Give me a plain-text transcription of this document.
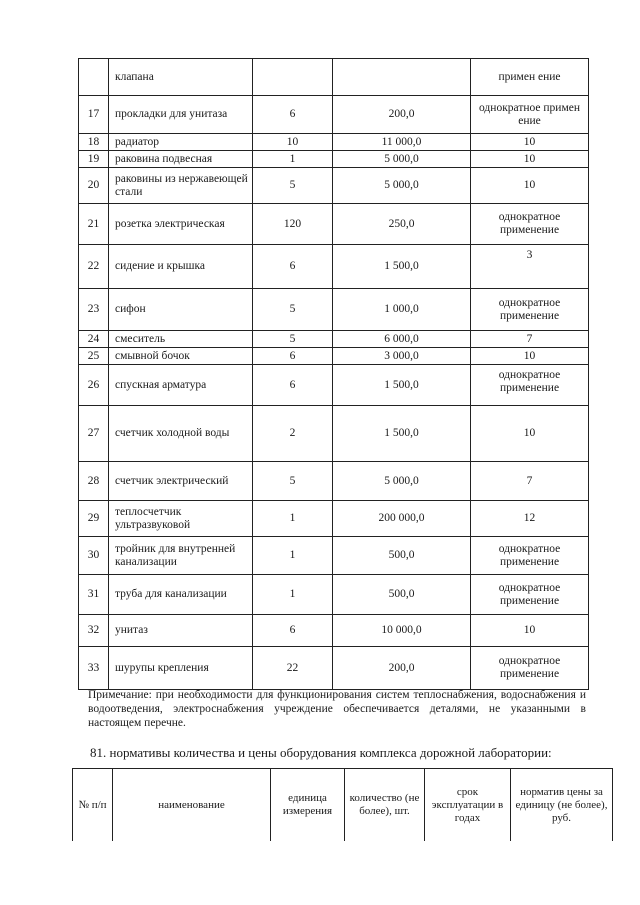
	клапана			примен ение
17	прокладки для унитаза	6	200,0	однократное примен ение
18	радиатор	10	11 000,0	10
19	раковина подвесная	1	5 000,0	10
20	раковины из нержавеющей стали	5	5 000,0	10
21	розетка электрическая	120	250,0	однократное применение
22	сидение и крышка	6	1 500,0	3
23	сифон	5	1 000,0	однократное применение
24	смеситель	5	6 000,0	7
25	смывной бочок	6	3 000,0	10
26	спускная арматура	6	1 500,0	однократное применение
27	счетчик холодной воды	2	1 500,0	10
28	счетчик электрический	5	5 000,0	7
29	теплосчетчик ультразвуковой	1	200 000,0	12
30	тройник для внутренней канализации	1	500,0	однократное применение
31	труба для канализации	1	500,0	однократное применение
32	унитаз	6	10 000,0	10
33	шурупы крепления	22	200,0	однократное применение
Примечание: при необходимости для функционирования систем теплоснабжения, водоснабжения и водоотведения, электроснабжения учреждение обеспечивается деталями, не указанными в настоящем перечне.
81. нормативы количества и цены оборудования комплекса дорожной лаборатории:
№ п/п	наименование	единица измерения	количество (не более), шт.	срок эксплуатации в годах	норматив цены за единицу (не более), руб.
